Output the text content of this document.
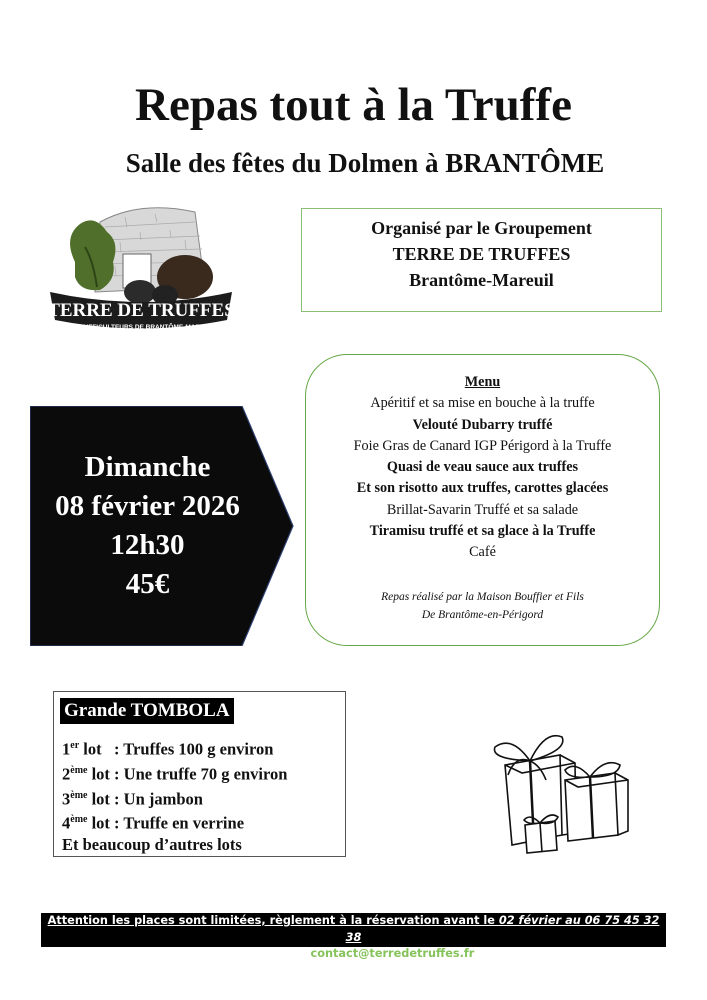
Repas tout à la Truffe
Salle des fêtes du Dolmen à BRANTÔME
TERRE DE TRUFFES
TRUFFICULTEURS DE BRANTÔME-MAREUIL
Organisé par le Groupement
TERRE DE TRUFFES
Brantôme-Mareuil
Dimanche
08 février 2026
12h30
45€
Menu
Apéritif et sa mise en bouche à la truffe
Velouté Dubarry truffé
Foie Gras de Canard IGP Périgord à la Truffe
Quasi de veau sauce aux truffes
Et son risotto aux truffes, carottes glacées
Brillat-Savarin Truffé et sa salade
Tiramisu truffé et sa glace à la Truffe
Café
Repas réalisé par la Maison Bouffier et Fils
De Brantôme-en-Périgord
Grande TOMBOLA
1er lot   : Truffes 100 g environ
2ème lot : Une truffe 70 g environ
3ème lot : Un jambon
4ème lot : Truffe en verrine
Et beaucoup d’autres lots
Attention les places sont limitées, règlement à la réservation avant le 02 février au 06 75 45 32 38
Ou par mail contact@terredetruffes.fr
